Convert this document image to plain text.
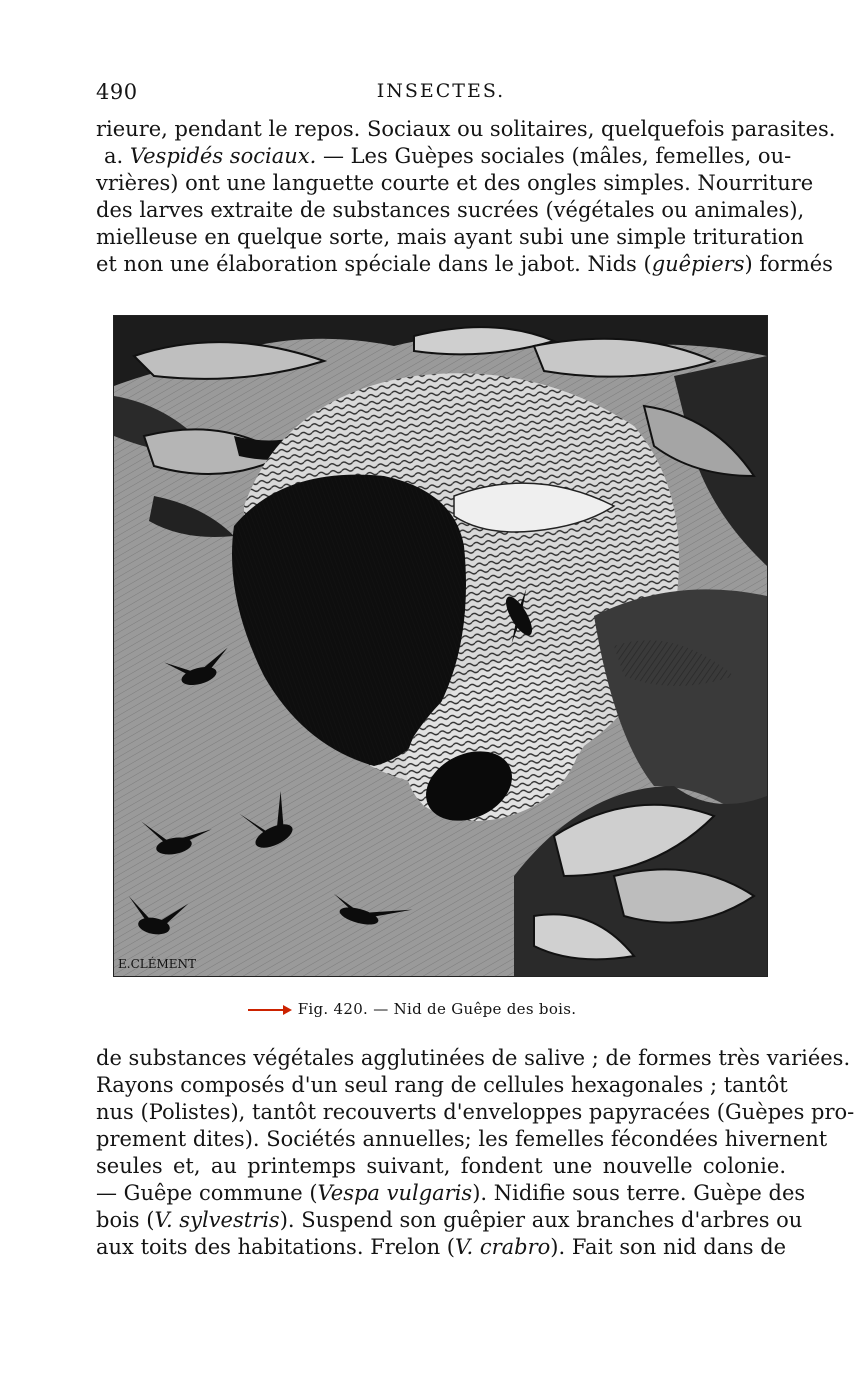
490	INSECTES.
rieure, pendant le repos. Sociaux ou solitaires, quelquefois parasites.
a. Vespidés sociaux. — Les Guèpes sociales (mâles, femelles, ou-
vrières) ont une languette courte et des ongles simples. Nourriture
des larves extraite de substances sucrées (végétales ou animales),
mielleuse en quelque sorte, mais ayant subi une simple trituration
et non une élaboration spéciale dans le jabot. Nids (guêpiers) formés
E.CLÉMENT
Fig. 420. — Nid de Guêpe des bois.
de substances végétales agglutinées de salive ; de formes très variées.
Rayons composés d'un seul rang de cellules hexagonales ; tantôt
nus (Polistes), tantôt recouverts d'enveloppes papyracées (Guèpes pro-
prement dites). Sociétés annuelles; les femelles fécondées hivernent
seules et, au printemps suivant, fondent une nouvelle colonie.
— Guêpe commune (Vespa vulgaris). Nidifie sous terre. Guèpe des
bois (V. sylvestris). Suspend son guêpier aux branches d'arbres ou
aux toits des habitations. Frelon (V. crabro). Fait son nid dans de
